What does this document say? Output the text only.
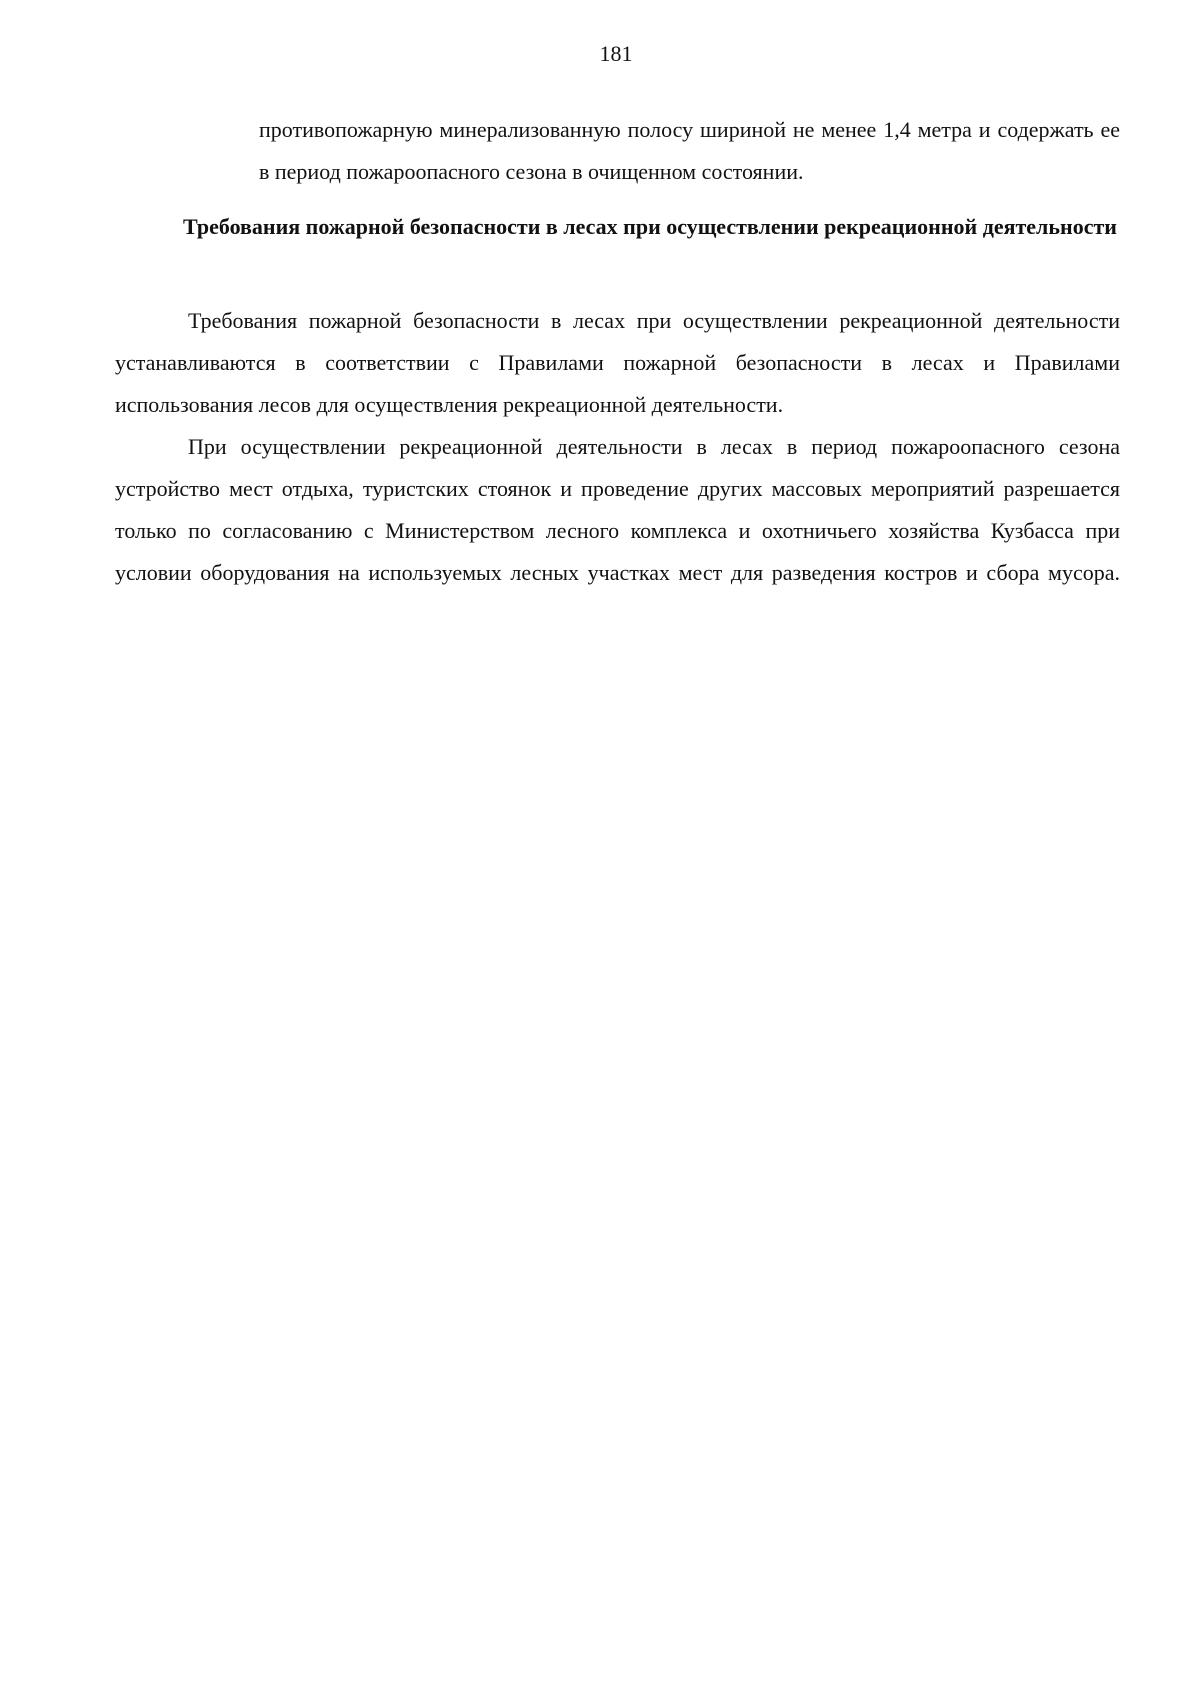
181
противопожарную минерализованную полосу шириной не менее 1,4 метра и содержать ее в период пожароопасного сезона в очищенном состоянии.
Требования пожарной безопасности в лесах при осуществлении рекреационной деятельности

Требования пожарной безопасности в лесах при осуществлении рекреационной деятельности устанавливаются в соответствии с Правилами пожарной безопасности в лесах и Правилами использования лесов для осуществления рекреационной деятельности.

При осуществлении рекреационной деятельности в лесах в период пожароопасного сезона устройство мест отдыха, туристских стоянок и проведение других массовых мероприятий разрешается только по согласованию с Министерством лесного комплекса и охотничьего хозяйства Кузбасса при условии оборудования на используемых лесных участках мест для разведения костров и сбора мусора.
